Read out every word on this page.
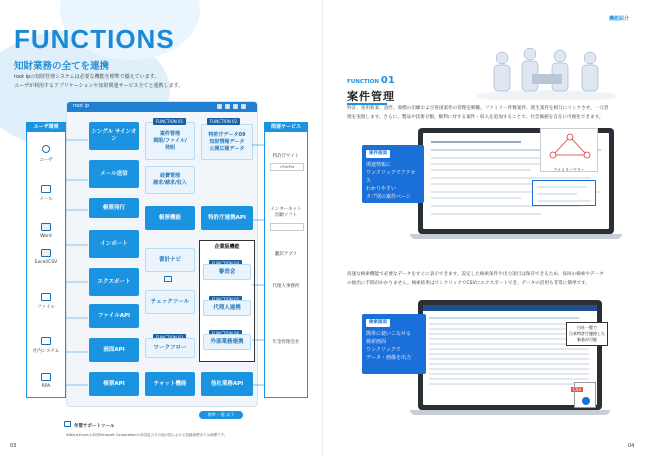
FUNCTIONS
知財業務の全てを連携
root ipの知財管理システムは必要な機能を標準で揃えています。
ユーザが利用するアプリケーションや知財関連サービス全てと連携します。
ユーザ環境
ユーザ
メール
Word
Excel/CSV
ファイル
社内システム
RPA
root ip
シングル サインオン
メール送信
帳票発行
インポート
エクスポート
ファイルAPI
画面API
帳票API
案件管理
期限/ファイル/
発明
FUNCTION 01
経費管理
請求/請求/収入
帳票機能
書計ナビ
チェックツール
ワークフロー
チャット機能
特許庁データ09
知財情報データ
公開広報データ
FUNCTION 02
特許庁連携API
企業版機能
審査会
代理人連携
外部業務連携
他社業務API
関連サービス
特許庁サイト
J-PlatPat
インターネット
出願ソフト
翻訳アプリ
代理人事務所
年金管理会社
標準 一覧 以下
年管サポートツール
※Word,Excelは米国Microsoft Corporationの米国及びその他の国における登録商標または商標です。
03
機能紹介
FUNCTION 01
案件管理
特許、実用新案、意匠、商標の出願および各国案件の管理を網羅。ファミリー件数案件、派生案件を相互にリンクさせ、一元管
理を実現します。さらに、製品や技術分類、権利に対する案件・収入を追加することで、社会価値を自在に可視化できます。
案件画面
関連情報に
ワンクリックでアクセス
わかりやすい
タブ別の案件ページ
ファミリーツリー
高速な検索機能で必要なデータをすぐに表示できます。設定した検索条件や出力項目は保存できるため、毎回の検索やデータ
の抽出に手間がかかりません。検索結果はワンクリックでCSVにエクスポートでき、データの活用も非常に簡単です。
検索画面
簡単に使いこなせる
検索画面
ワンクリックで
データ・画像を出力
白社一覧で
日本特許庁連絡した
新着が可能
CSV
04
